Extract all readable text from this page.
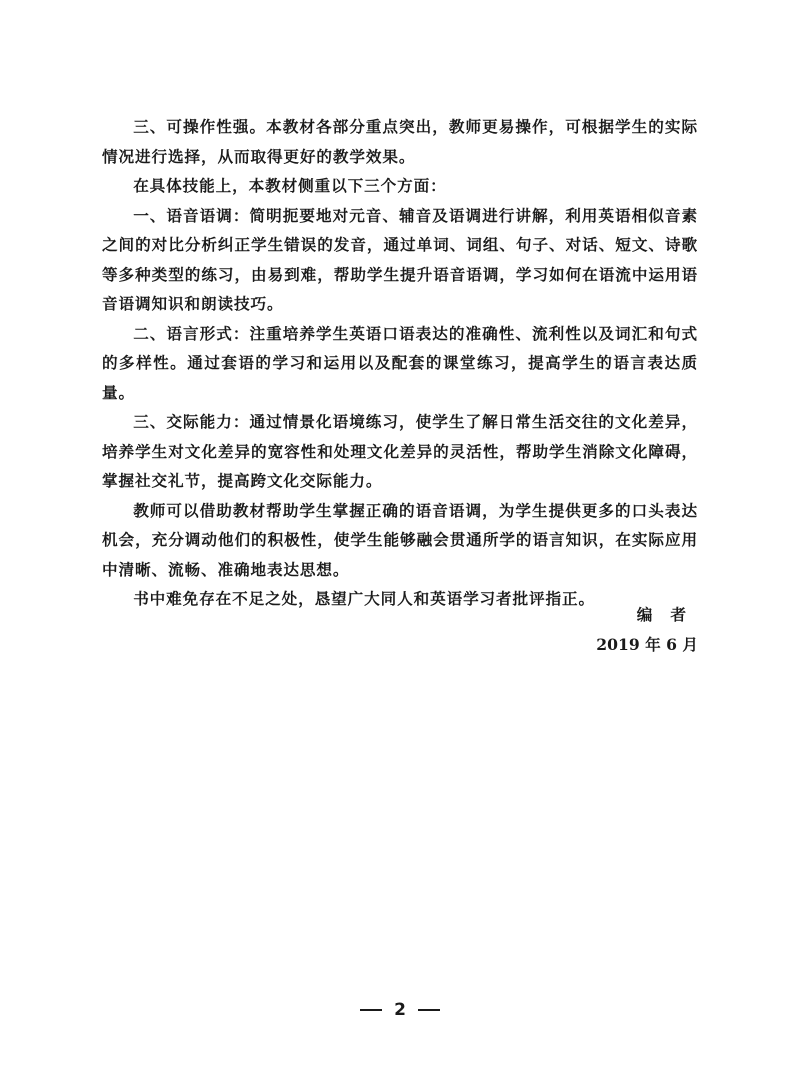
三、可操作性强。本教材各部分重点突出，教师更易操作，可根据学生的实际情况进行选择，从而取得更好的教学效果。

在具体技能上，本教材侧重以下三个方面：

一、语音语调：简明扼要地对元音、辅音及语调进行讲解，利用英语相似音素之间的对比分析纠正学生错误的发音，通过单词、词组、句子、对话、短文、诗歌等多种类型的练习，由易到难，帮助学生提升语音语调，学习如何在语流中运用语音语调知识和朗读技巧。

二、语言形式：注重培养学生英语口语表达的准确性、流利性以及词汇和句式的多样性。通过套语的学习和运用以及配套的课堂练习，提高学生的语言表达质量。

三、交际能力：通过情景化语境练习，使学生了解日常生活交往的文化差异，培养学生对文化差异的宽容性和处理文化差异的灵活性，帮助学生消除文化障碍，掌握社交礼节，提高跨文化交际能力。

教师可以借助教材帮助学生掌握正确的语音语调，为学生提供更多的口头表达机会，充分调动他们的积极性，使学生能够融会贯通所学的语言知识，在实际应用中清晰、流畅、准确地表达思想。

书中难免存在不足之处，恳望广大同人和英语学习者批评指正。

编者
2019 年 6 月
2
